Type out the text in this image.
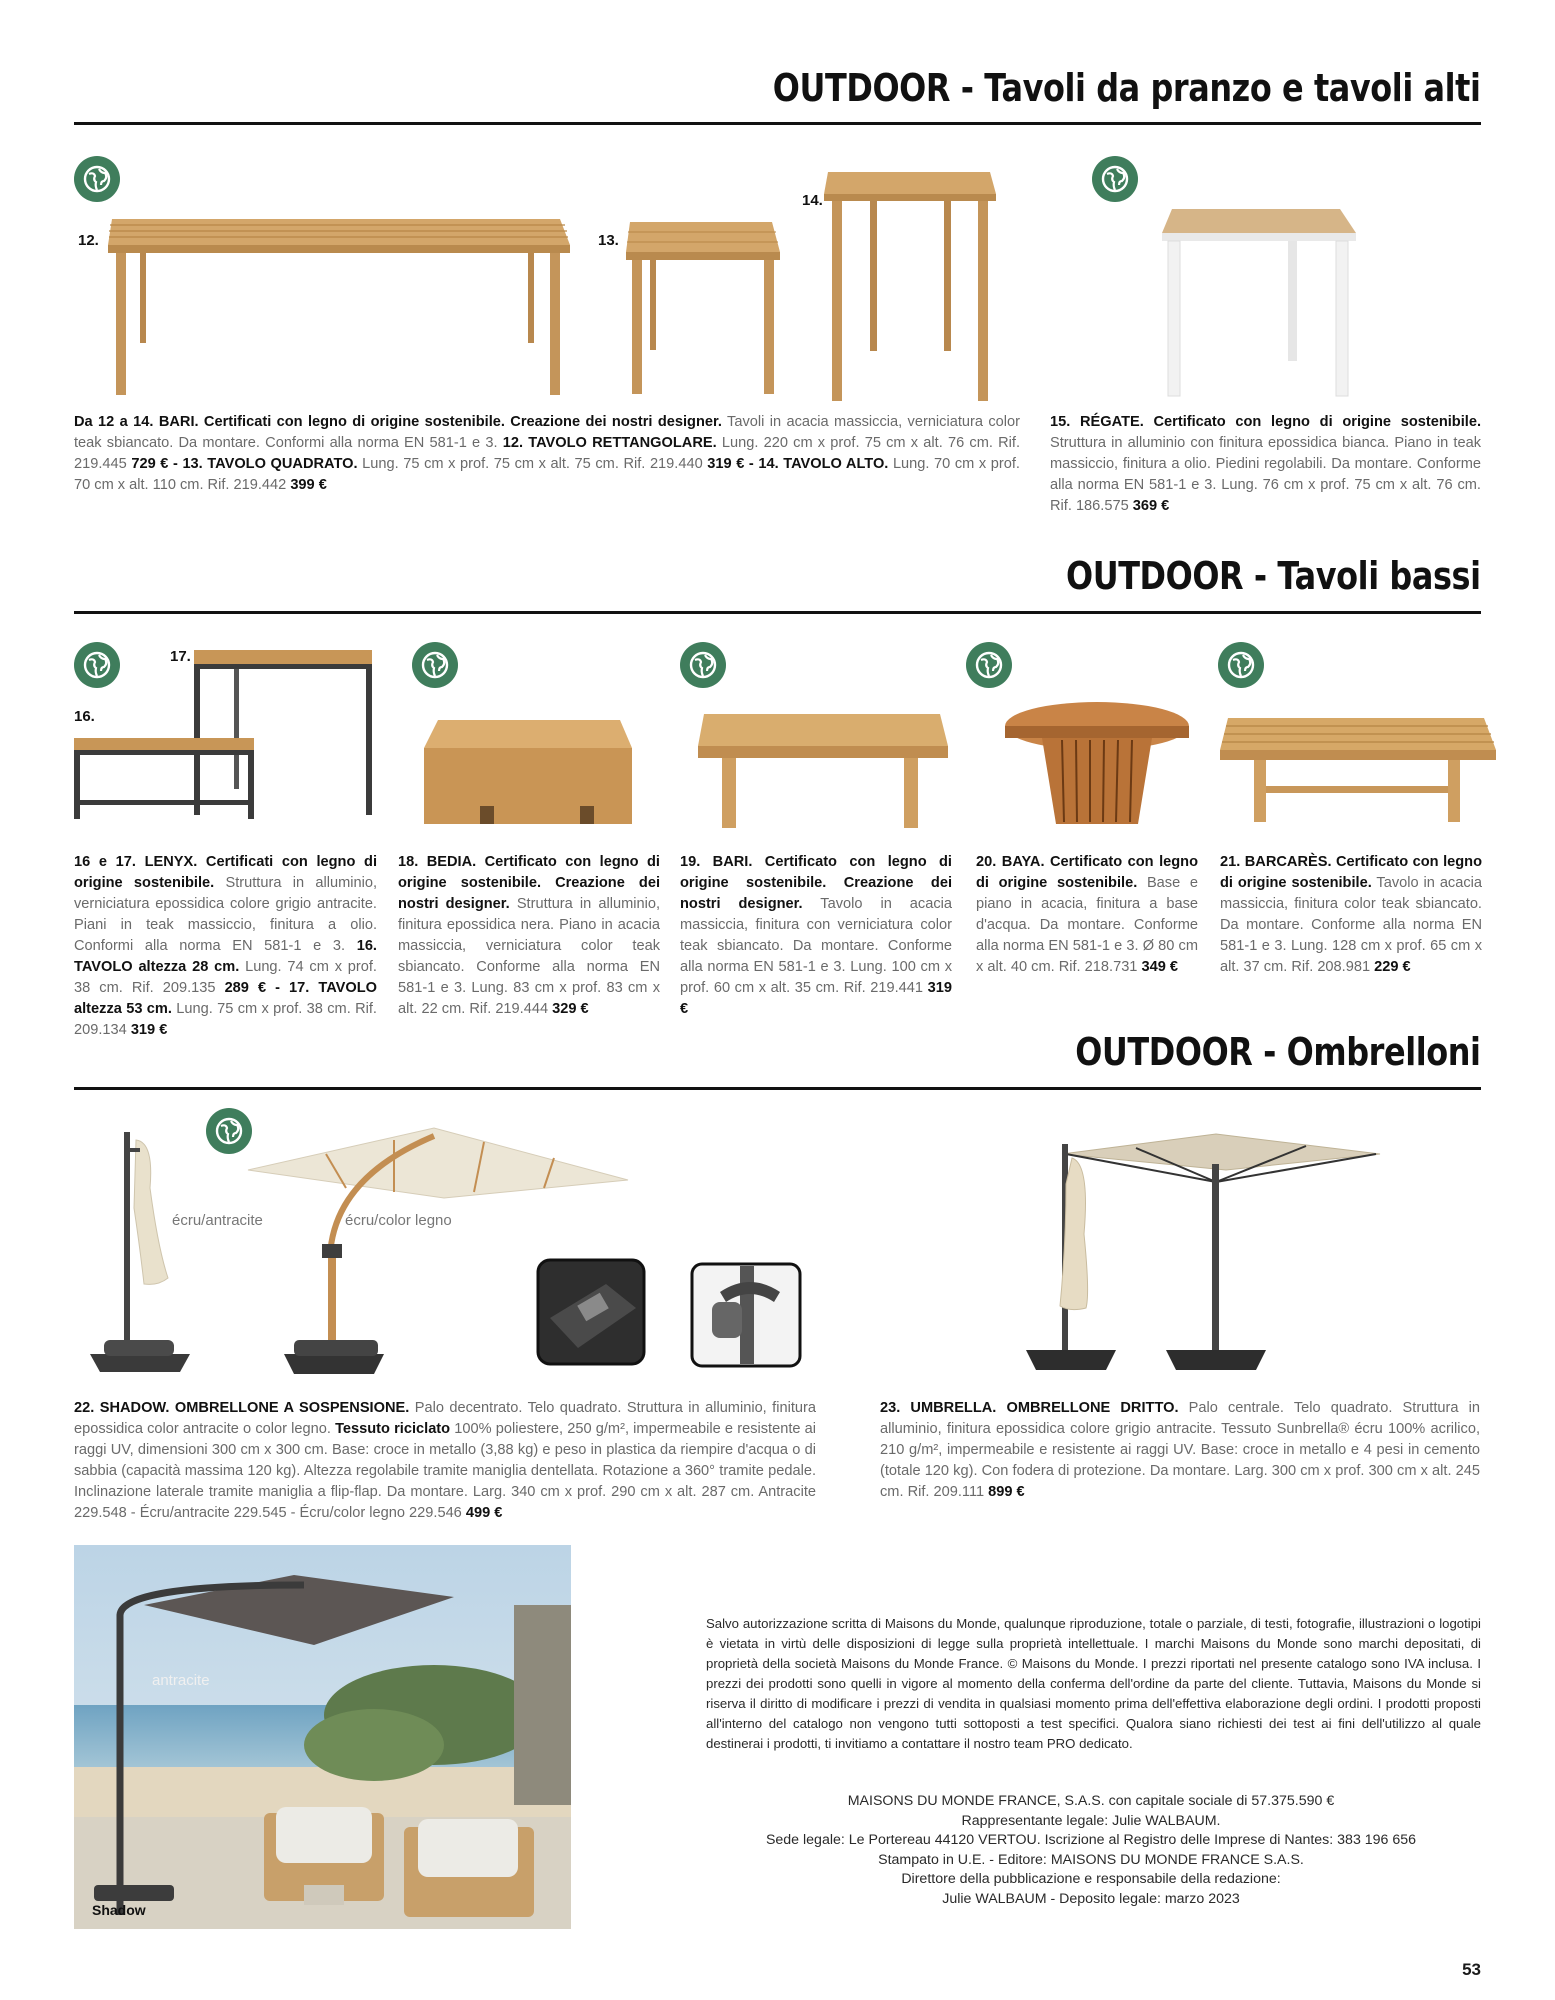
OUTDOOR - Tavoli da pranzo e tavoli alti
12.	13.
14.
Da 12 a 14. BARI. Certificati con legno di origine sostenibile. Creazione dei nostri designer. Tavoli in acacia massiccia, verniciatura color teak sbiancato. Da montare. Conformi alla norma EN 581-1 e 3. 12. TAVOLO RETTANGOLARE. Lung. 220 cm x prof. 75 cm x alt. 76 cm. Rif. 219.445 729 € - 13. TAVOLO QUADRATO. Lung. 75 cm x prof. 75 cm x alt. 75 cm. Rif. 219.440 319 € - 14. TAVOLO ALTO. Lung. 70 cm x prof. 70 cm x alt. 110 cm. Rif. 219.442 399 €
15. RÉGATE. Certificato con legno di origine sostenibile. Struttura in alluminio con finitura epossidica bianca. Piano in teak massiccio, finitura a olio. Piedini regolabili. Da montare. Conforme alla norma EN 581-1 e 3. Lung. 76 cm x prof. 75 cm x alt. 76 cm. Rif. 186.575 369 €
OUTDOOR - Tavoli bassi
17.
16.
16 e 17. LENYX. Certificati con legno di origine sostenibile. Struttura in alluminio, verniciatura epossidica colore grigio antracite. Piani in teak massiccio, finitura a olio. Conformi alla norma EN 581-1 e 3. 16. TAVOLO altezza 28 cm. Lung. 74 cm x prof. 38 cm. Rif. 209.135 289 € - 17. TAVOLO altezza 53 cm. Lung. 75 cm x prof. 38 cm. Rif. 209.134 319 €
18. BEDIA. Certificato con legno di origine sostenibile. Creazione dei nostri designer. Struttura in alluminio, finitura epossidica nera. Piano in acacia massiccia, verniciatura color teak sbiancato. Conforme alla norma EN 581-1 e 3. Lung. 83 cm x prof. 83 cm x alt. 22 cm. Rif. 219.444 329 €
19. BARI. Certificato con legno di origine sostenibile. Creazione dei nostri designer. Tavolo in acacia massiccia, finitura con verniciatura color teak sbiancato. Da montare. Conforme alla norma EN 581-1 e 3. Lung. 100 cm x prof. 60 cm x alt. 35 cm. Rif. 219.441 319 €
20. BAYA. Certificato con legno di origine sostenibile. Base e piano in acacia, finitura a base d'acqua. Da montare. Conforme alla norma EN 581-1 e 3. Ø 80 cm x alt. 40 cm. Rif. 218.731 349 €
21. BARCARÈS. Certificato con legno di origine sostenibile. Tavolo in acacia massiccia, finitura color teak sbiancato. Da montare. Conforme alla norma EN 581-1 e 3. Lung. 128 cm x prof. 65 cm x alt. 37 cm. Rif. 208.981 229 €
OUTDOOR - Ombrelloni
écru/antracite	écru/color legno
22. SHADOW. OMBRELLONE A SOSPENSIONE. Palo decentrato. Telo quadrato. Struttura in alluminio, finitura epossidica color antracite o color legno. Tessuto riciclato 100% poliestere, 250 g/m², impermeabile e resistente ai raggi UV, dimensioni 300 cm x 300 cm. Base: croce in metallo (3,88 kg) e peso in plastica da riempire d'acqua o di sabbia (capacità massima 120 kg). Altezza regolabile tramite maniglia dentellata. Rotazione a 360° tramite pedale. Inclinazione laterale tramite maniglia a flip-flap. Da montare. Larg. 340 cm x prof. 290 cm x alt. 287 cm. Antracite 229.548 - Écru/antracite 229.545 - Écru/color legno 229.546 499 €
23. UMBRELLA. OMBRELLONE DRITTO. Palo centrale. Telo quadrato. Struttura in alluminio, finitura epossidica colore grigio antracite. Tessuto Sunbrella® écru 100% acrilico, 210 g/m², impermeabile e resistente ai raggi UV. Base: croce in metallo e 4 pesi in cemento (totale 120 kg). Con fodera di protezione. Da montare. Larg. 300 cm x prof. 300 cm x alt. 245 cm. Rif. 209.111 899 €
antracite
Shadow
Salvo autorizzazione scritta di Maisons du Monde, qualunque riproduzione, totale o parziale, di testi, fotografie, illustrazioni o logotipi è vietata in virtù delle disposizioni di legge sulla proprietà intellettuale. I marchi Maisons du Monde sono marchi depositati, di proprietà della società Maisons du Monde France. © Maisons du Monde. I prezzi riportati nel presente catalogo sono IVA inclusa. I prezzi dei prodotti sono quelli in vigore al momento della conferma dell'ordine da parte del cliente. Tuttavia, Maisons du Monde si riserva il diritto di modificare i prezzi di vendita in qualsiasi momento prima dell'effettiva elaborazione degli ordini. I prodotti proposti all'interno del catalogo non vengono tutti sottoposti a test specifici. Qualora siano richiesti dei test ai fini dell'utilizzo al quale destinerai i prodotti, ti invitiamo a contattare il nostro team PRO dedicato.
MAISONS DU MONDE FRANCE, S.A.S. con capitale sociale di 57.375.590 €
Rappresentante legale: Julie WALBAUM.
Sede legale: Le Portereau 44120 VERTOU. Iscrizione al Registro delle Imprese di Nantes: 383 196 656
Stampato in U.E. - Editore: MAISONS DU MONDE FRANCE S.A.S.
Direttore della pubblicazione e responsabile della redazione:
Julie WALBAUM - Deposito legale: marzo 2023
53
